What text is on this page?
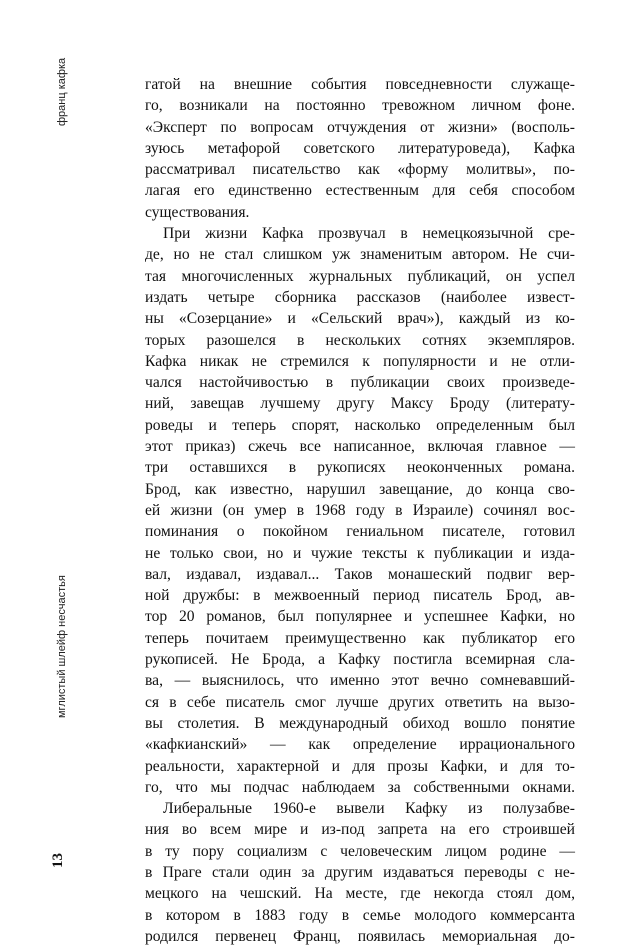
франц кафка
мглистый шлейф несчастья
13
гатой на внешние события повседневности служаще-
го, возникали на постоянно тревожном личном фоне.
«Эксперт по вопросам отчуждения от жизни» (восполь-
зуюсь метафорой советского литературоведа), Кафка
рассматривал писательство как «форму молитвы», по-
лагая его единственно естественным для себя способом
существования.
При жизни Кафка прозвучал в немецкоязычной сре-
де, но не стал слишком уж знаменитым автором. Не счи-
тая многочисленных журнальных публикаций, он успел
издать четыре сборника рассказов (наиболее извест-
ны «Созерцание» и «Сельский врач»), каждый из ко-
торых разошелся в нескольких сотнях экземпляров.
Кафка никак не стремился к популярности и не отли-
чался настойчивостью в публикации своих произведе-
ний, завещав лучшему другу Максу Броду (литерату-
роведы и теперь спорят, насколько определенным был
этот приказ) сжечь все написанное, включая главное —
три оставшихся в рукописях неоконченных романа.
Брод, как известно, нарушил завещание, до конца сво-
ей жизни (он умер в 1968 году в Израиле) сочинял вос-
поминания о покойном гениальном писателе, готовил
не только свои, но и чужие тексты к публикации и издa-
вал, издавал, издавал... Таков монашеский подвиг вер-
ной дружбы: в межвоенный период писатель Брод, ав-
тор 20 романов, был популярнее и успешнее Кафки, но
теперь почитаем преимущественно как публикатор его
рукописей. Не Брода, а Кафку постигла всемирная сла-
ва, — выяснилось, что именно этот вечно сомневавший-
ся в себе писатель смог лучше других ответить на вызо-
вы столетия. В международный обиход вошло понятие
«кафкианский» — как определение иррационального
реальности, характерной и для прозы Кафки, и для то-
го, что мы подчас наблюдаем за собственными окнами.
Либеральные 1960-е вывели Кафку из полузабве-
ния во всем мире и из-под запрета на его строившей
в ту пору социализм с человеческим лицом родине —
в Праге стали один за другим издаваться переводы с не-
мецкого на чешский. На месте, где некогда стоял дом,
в котором в 1883 году в семье молодого коммерсанта
родился первенец Франц, появилась мемориальная до-
